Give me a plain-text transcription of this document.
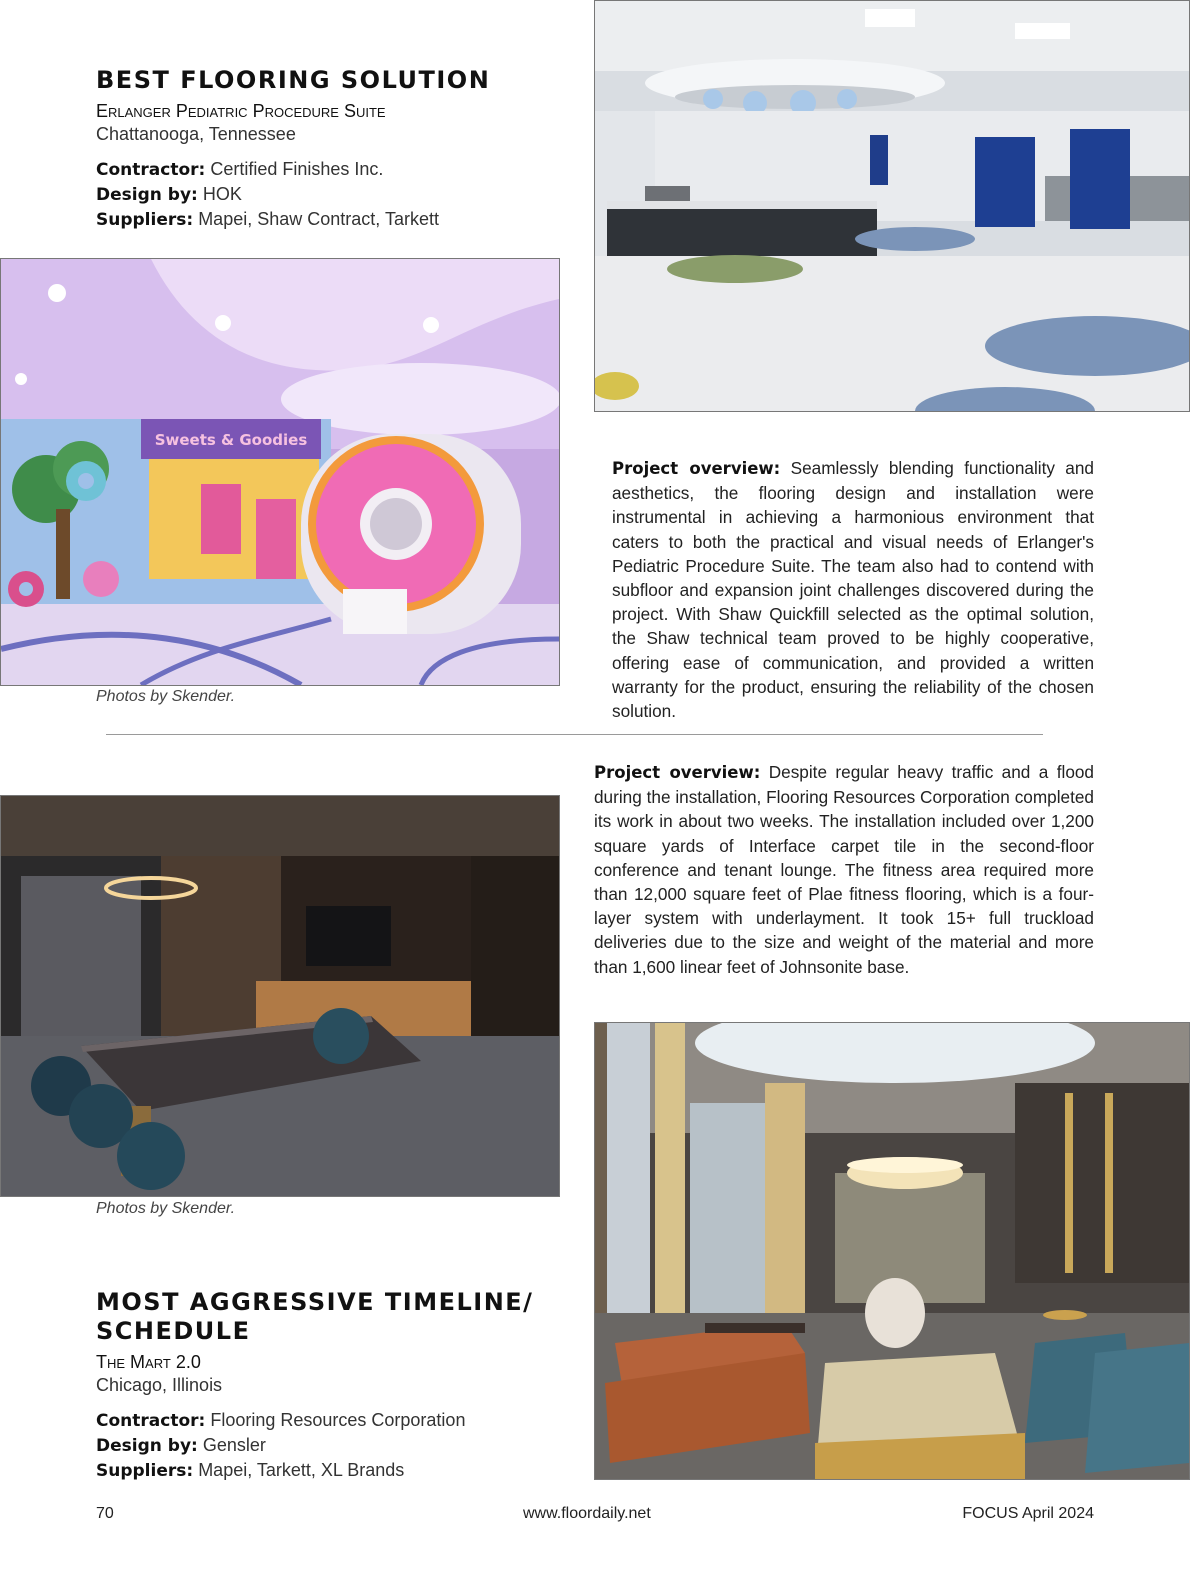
BEST FLOORING SOLUTION
Erlanger Pediatric Procedure Suite
Chattanooga, Tennessee
Contractor: Certified Finishes Inc.
Design by: HOK
Suppliers: Mapei, Shaw Contract, Tarkett
Sweets & Goodies
Photos by Skender.

Project overview: Seamlessly blending functionality and aesthetics, the flooring design and installation were instrumental in achieving a harmonious environment that caters to both the practical and visual needs of Erlanger's Pediatric Procedure Suite. The team also had to contend with subfloor and expansion joint challenges discovered during the project. With Shaw Quickfill selected as the optimal solution, the Shaw technical team proved to be highly cooperative, offering ease of communication, and provided a written warranty for the product, ensuring the reliability of the chosen solution.

Project overview: Despite regular heavy traffic and a flood during the installation, Flooring Resources Corporation completed its work in about two weeks. The installation included over 1,200 square yards of Interface carpet tile in the second-floor conference and tenant lounge. The fitness area required more than 12,000 square feet of Plae fitness flooring, which is a four-layer system with underlayment. It took 15+ full truckload deliveries due to the size and weight of the material and more than 1,600 linear feet of Johnsonite base.

Photos by Skender.
MOST AGGRESSIVE TIMELINE/ SCHEDULE
The Mart 2.0
Chicago, Illinois
Contractor: Flooring Resources Corporation
Design by: Gensler
Suppliers: Mapei, Tarkett, XL Brands
70	www.floordaily.net	FOCUS April 2024
